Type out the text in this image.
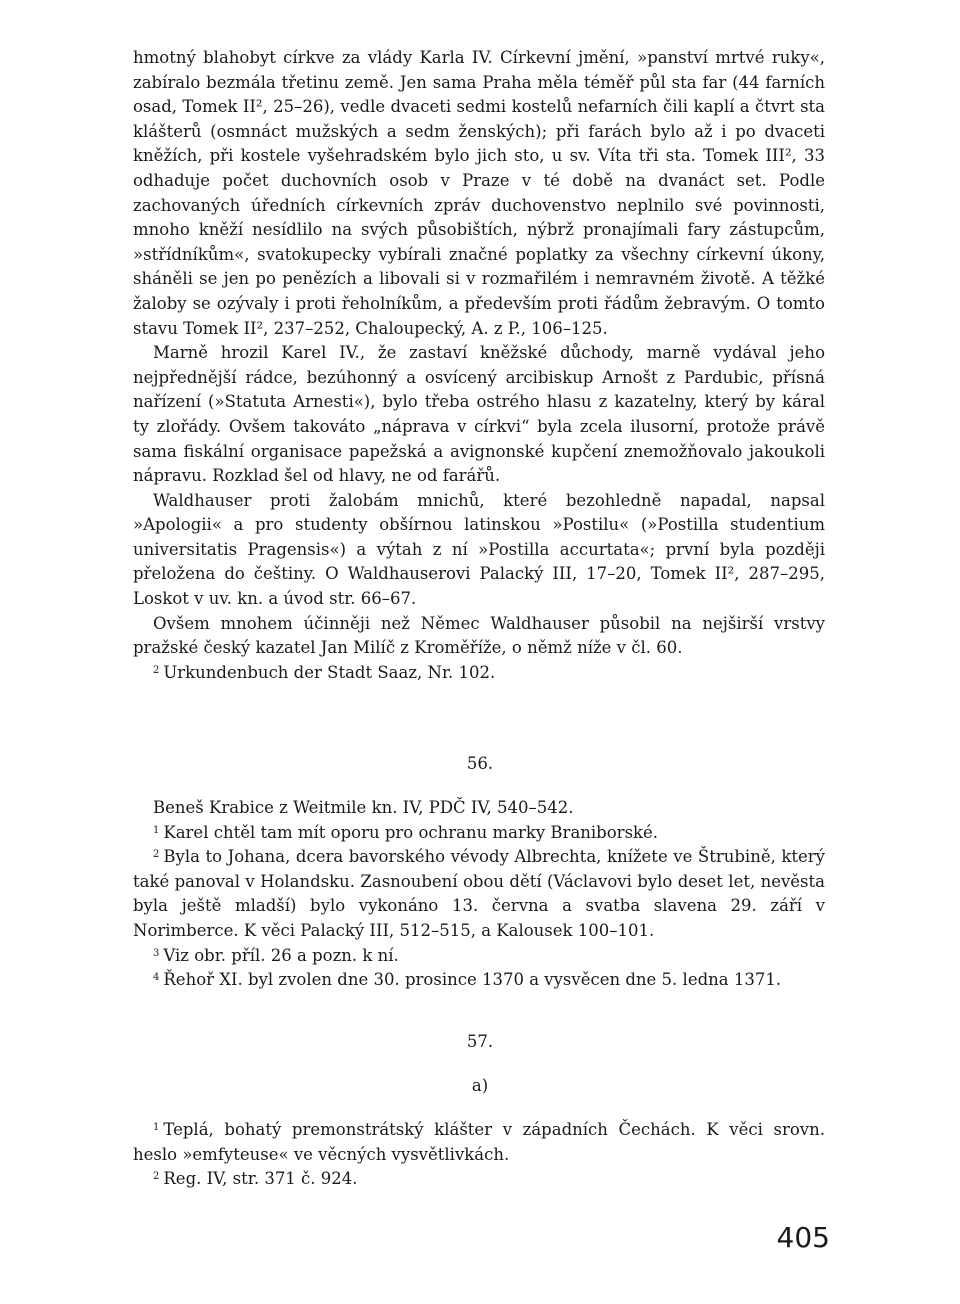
hmotný blahobyt církve za vlády Karla IV. Církevní jmění, »panství mrtvé ruky«, zabíralo bezmála třetinu země. Jen sama Praha měla téměř půl sta far (44 farních osad, Tomek II², 25–26), vedle dvaceti sedmi kostelů nefarních čili kaplí a čtvrt sta klášterů (osmnáct mužských a sedm ženských); při farách bylo až i po dvaceti kněžích, při kostele vyšehradském bylo jich sto, u sv. Víta tři sta. Tomek III², 33 odhaduje počet duchovních osob v Praze v té době na dvanáct set. Podle zachovaných úředních církevních zpráv duchovenstvo neplnilo své povinnosti, mnoho kněží nesídlilo na svých působištích, nýbrž pronajímali fary zástupcům, »střídníkům«, svatokupecky vybírali značné poplatky za všechny církevní úkony, sháněli se jen po penězích a libovali si v rozmařilém i nemravném životě. A těžké žaloby se ozývaly i proti řeholníkům, a především proti řádům žebravým. O tomto stavu Tomek II², 237–252, Chaloupecký, A. z P., 106–125.

Marně hrozil Karel IV., že zastaví kněžské důchody, marně vydával jeho nejpřednější rádce, bezúhonný a osvícený arcibiskup Arnošt z Pardubic, přísná nařízení (»Statuta Arnesti«), bylo třeba ostrého hlasu z kazatelny, který by káral ty zlořády. Ovšem takováto „náprava v církvi“ byla zcela ilusorní, protože právě sama fiskální organisace papežská a avignonské kupčení znemožňovalo jakoukoli nápravu. Rozklad šel od hlavy, ne od farářů.

Waldhauser proti žalobám mnichů, které bezohledně napadal, napsal »Apologii« a pro studenty obšírnou latinskou »Postilu« (»Postilla studentium universitatis Pragensis«) a výtah z ní »Postilla accurtata«; první byla později přeložena do češtiny. O Waldhauserovi Palacký III, 17–20, Tomek II², 287–295, Loskot v uv. kn. a úvod str. 66–67.

Ovšem mnohem účinněji než Němec Waldhauser působil na nejširší vrstvy pražské český kazatel Jan Milíč z Kroměříže, o němž níže v čl. 60.

$^2$ Urkundenbuch der Stadt Saaz, Nr. 102.

56.

Beneš Krabice z Weitmile kn. IV, PDČ IV, 540–542.

$^1$ Karel chtěl tam mít oporu pro ochranu marky Braniborské.

$^2$ Byla to Johana, dcera bavorského vévody Albrechta, knížete ve Štrubině, který také panoval v Holandsku. Zasnoubení obou dětí (Václavovi bylo deset let, nevěsta byla ještě mladší) bylo vykonáno 13. června a svatba slavena 29. září v Norimberce. K věci Palacký III, 512–515, a Kalousek 100–101.

$^3$ Viz obr. příl. 26 a pozn. k ní.

$^4$ Řehoř XI. byl zvolen dne 30. prosince 1370 a vysvěcen dne 5. ledna 1371.

57.
a)

$^1$ Teplá, bohatý premonstrátský klášter v západních Čechách. K věci srovn. heslo »emfyteuse« ve věcných vysvětlivkách.

$^2$ Reg. IV, str. 371 č. 924.

405
